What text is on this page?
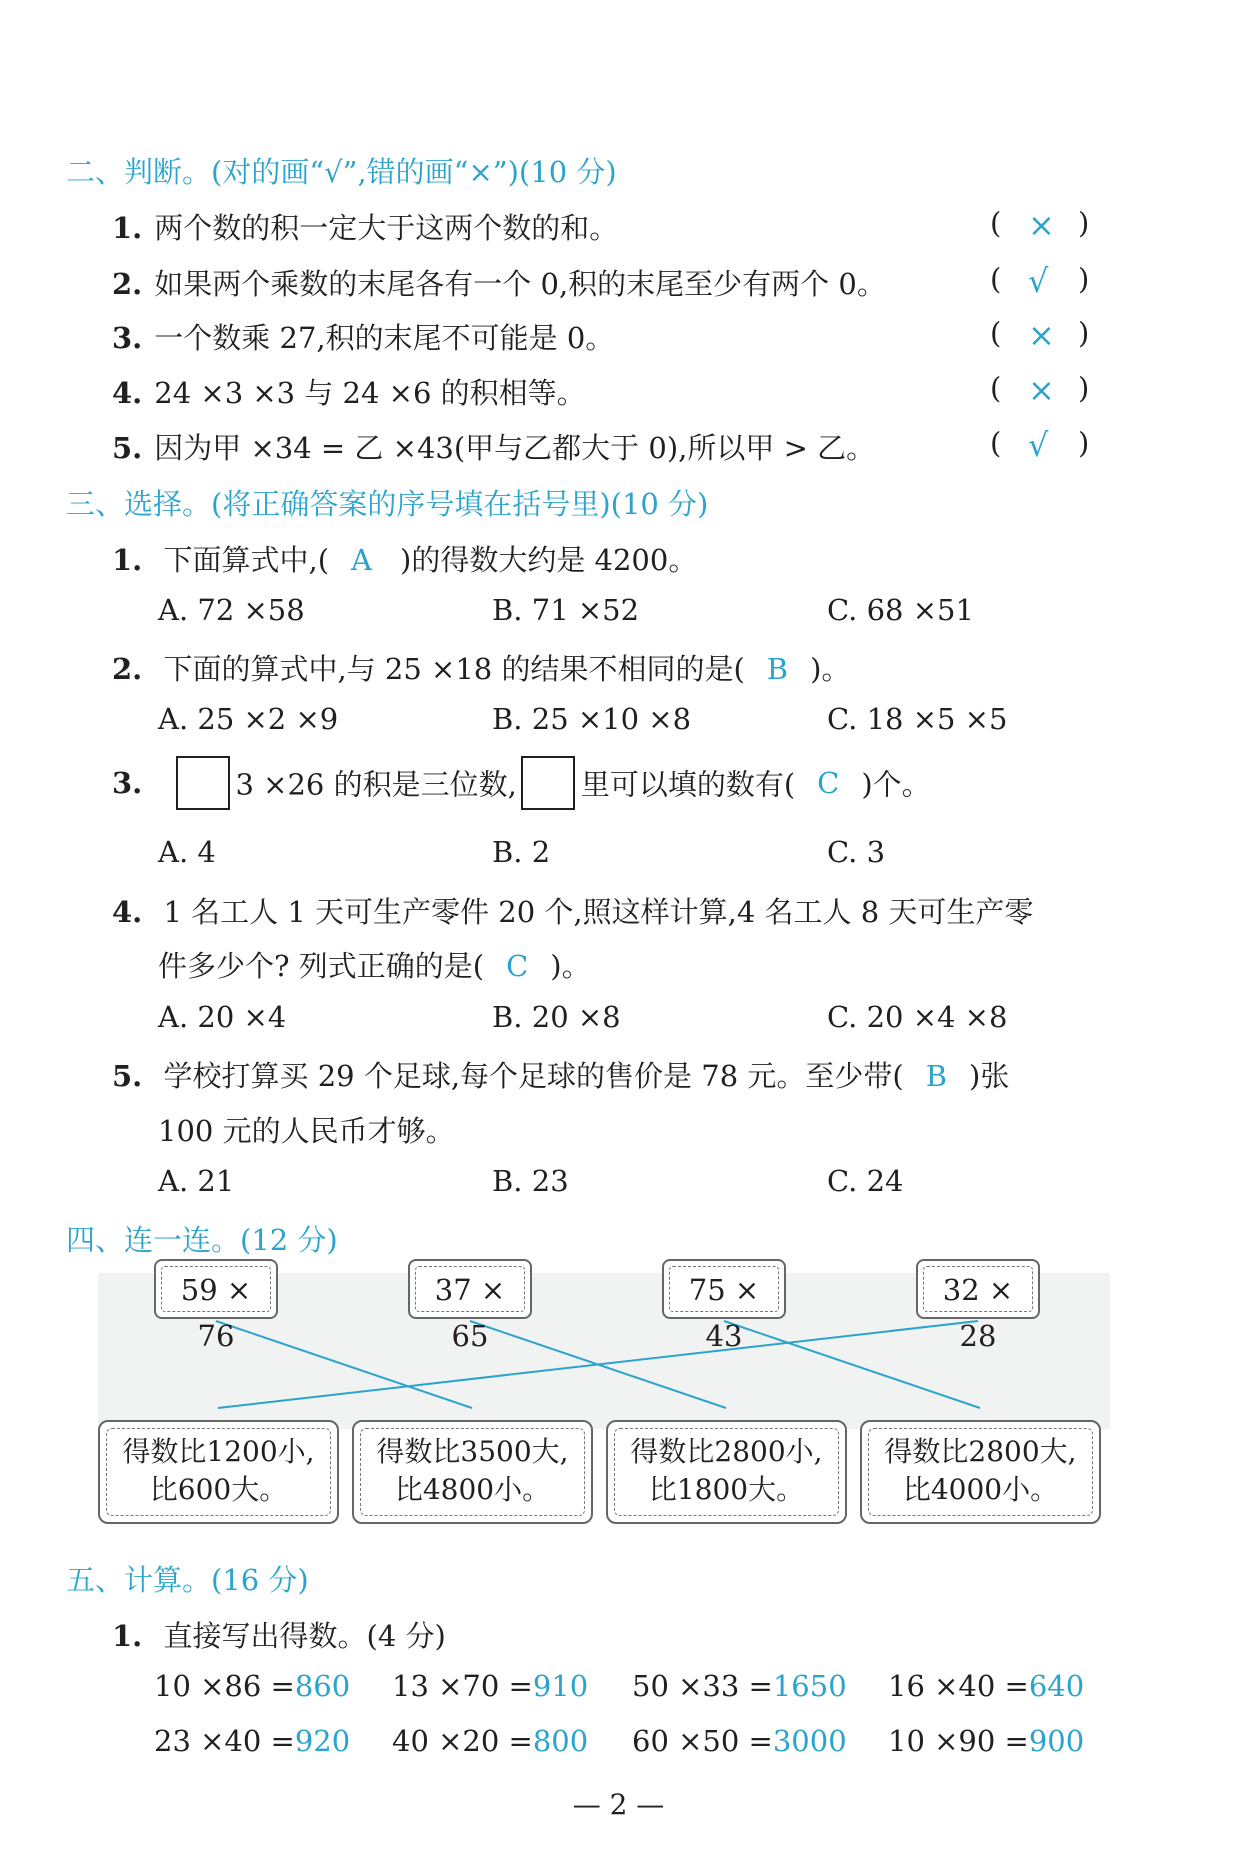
二、判断。(对的画“√”,错的画“×”)(10 分)
1. 两个数的积一定大于这两个数的和。	( × )
2. 如果两个乘数的末尾各有一个 0,积的末尾至少有两个 0。	( √ )
3. 一个数乘 27,积的末尾不可能是 0。	( × )
4. 24 ×3 ×3 与 24 ×6 的积相等。	( × )
5. 因为甲 ×34 = 乙 ×43(甲与乙都大于 0),所以甲 > 乙。	( √ )
三、选择。(将正确答案的序号填在括号里)(10 分)
1. 下面算式中,( A )的得数大约是 4200。
A. 72 ×58	B. 71 ×52	C. 68 ×51
2. 下面的算式中,与 25 ×18 的结果不相同的是( B )。
A. 25 ×2 ×9	B. 25 ×10 ×8	C. 18 ×5 ×5
3.	3 ×26 的积是三位数, 里可以填的数有( C )个。
A. 4	B. 2	C. 3
4. 1 名工人 1 天可生产零件 20 个,照这样计算,4 名工人 8 天可生产零
件多少个? 列式正确的是( C )。
A. 20 ×4	B. 20 ×8	C. 20 ×4 ×8
5. 学校打算买 29 个足球,每个足球的售价是 78 元。至少带( B )张
100 元的人民币才够。
A. 21	B. 23	C. 24
四、连一连。(12 分)
59 × 76
37 × 65
75 × 43
32 × 28
得数比1200小,
比600大。
得数比3500大,
比4800小。
得数比2800小,
比1800大。
得数比2800大,
比4000小。
五、计算。(16 分)
1. 直接写出得数。(4 分)
10 ×86 =860 13 ×70 =910 50 ×33 =1650 16 ×40 =640
23 ×40 =920 40 ×20 =800 60 ×50 =3000 10 ×90 =900
— 2 —
